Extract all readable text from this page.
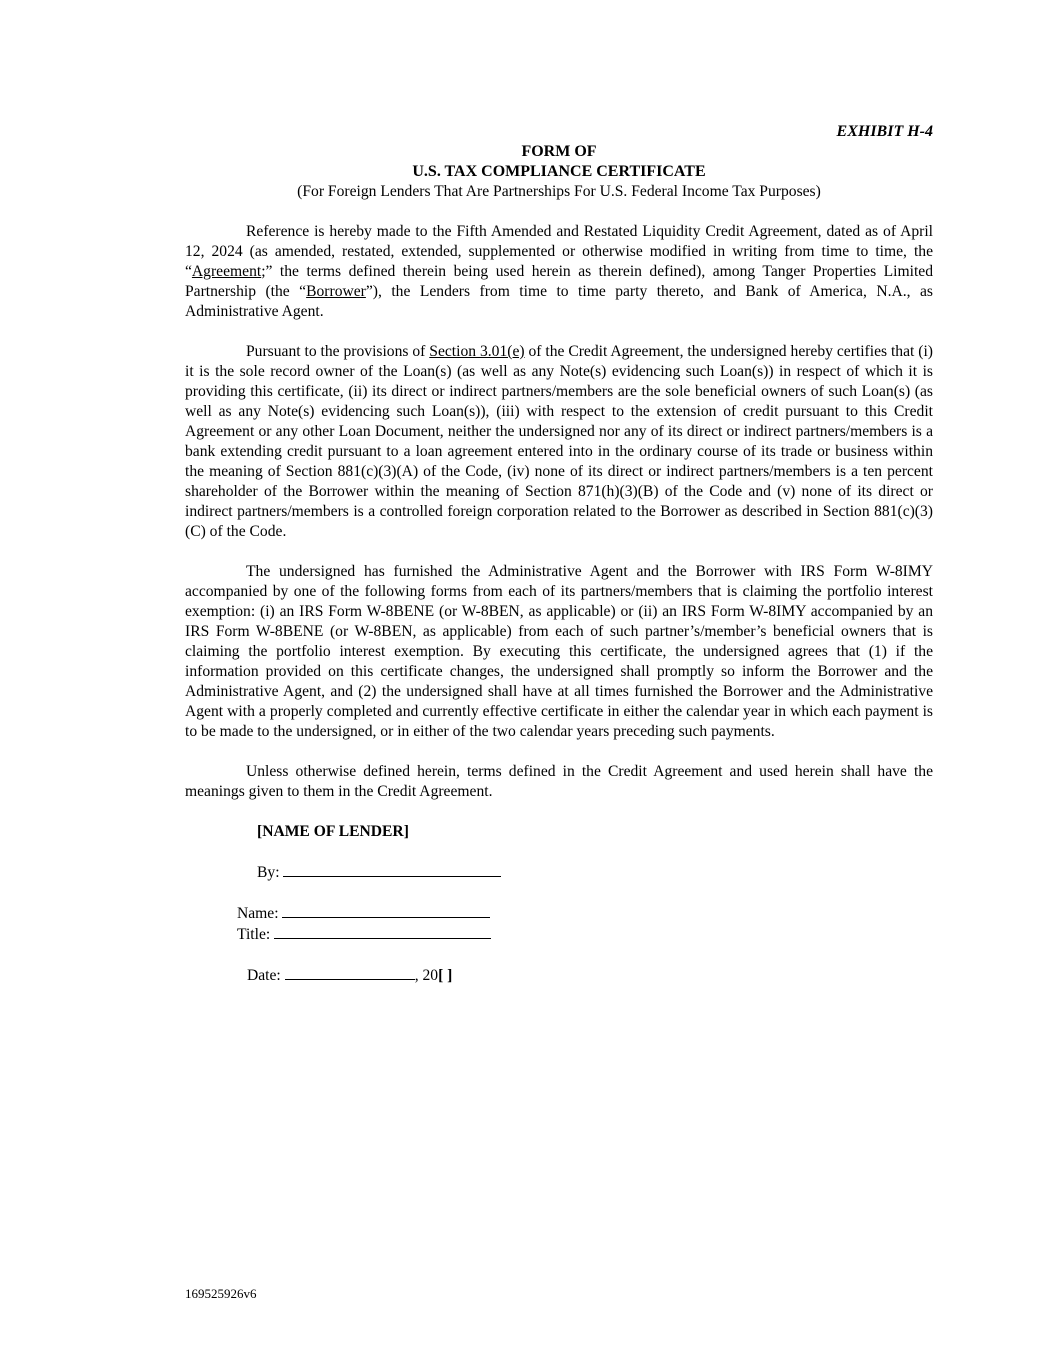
EXHIBIT H-4
FORM OF
U.S. TAX COMPLIANCE CERTIFICATE
(For Foreign Lenders That Are Partnerships For U.S. Federal Income Tax Purposes)

Reference is hereby made to the Fifth Amended and Restated Liquidity Credit Agreement, dated as of April 12, 2024 (as amended, restated, extended, supplemented or otherwise modified in writing from time to time, the “Agreement;” the terms defined therein being used herein as therein defined), among Tanger Properties Limited Partnership (the “Borrower”), the Lenders from time to time party thereto, and Bank of America, N.A., as Administrative Agent.

Pursuant to the provisions of Section 3.01(e) of the Credit Agreement, the undersigned hereby certifies that (i) it is the sole record owner of the Loan(s) (as well as any Note(s) evidencing such Loan(s)) in respect of which it is providing this certificate, (ii) its direct or indirect partners/members are the sole beneficial owners of such Loan(s) (as well as any Note(s) evidencing such Loan(s)), (iii) with respect to the extension of credit pursuant to this Credit Agreement or any other Loan Document, neither the undersigned nor any of its direct or indirect partners/members is a bank extending credit pursuant to a loan agreement entered into in the ordinary course of its trade or business within the meaning of Section 881(c)(3)(A) of the Code, (iv) none of its direct or indirect partners/members is a ten percent shareholder of the Borrower within the meaning of Section 871(h)(3)(B) of the Code and (v) none of its direct or indirect partners/members is a controlled foreign corporation related to the Borrower as described in Section 881(c)(3)(C) of the Code.

The undersigned has furnished the Administrative Agent and the Borrower with IRS Form W-8IMY accompanied by one of the following forms from each of its partners/members that is claiming the portfolio interest exemption: (i) an IRS Form W-8BENE (or W-8BEN, as applicable) or (ii) an IRS Form W-8IMY accompanied by an IRS Form W-8BENE (or W-8BEN, as applicable) from each of such partner’s/member’s beneficial owners that is claiming the portfolio interest exemption. By executing this certificate, the undersigned agrees that (1) if the information provided on this certificate changes, the undersigned shall promptly so inform the Borrower and the Administrative Agent, and (2) the undersigned shall have at all times furnished the Borrower and the Administrative Agent with a properly completed and currently effective certificate in either the calendar year in which each payment is to be made to the undersigned, or in either of the two calendar years preceding such payments.

Unless otherwise defined herein, terms defined in the Credit Agreement and used herein shall have the meanings given to them in the Credit Agreement.

[NAME OF LENDER]
By:
Name:
Title:
Date:	, 20[ ]
169525926v6
